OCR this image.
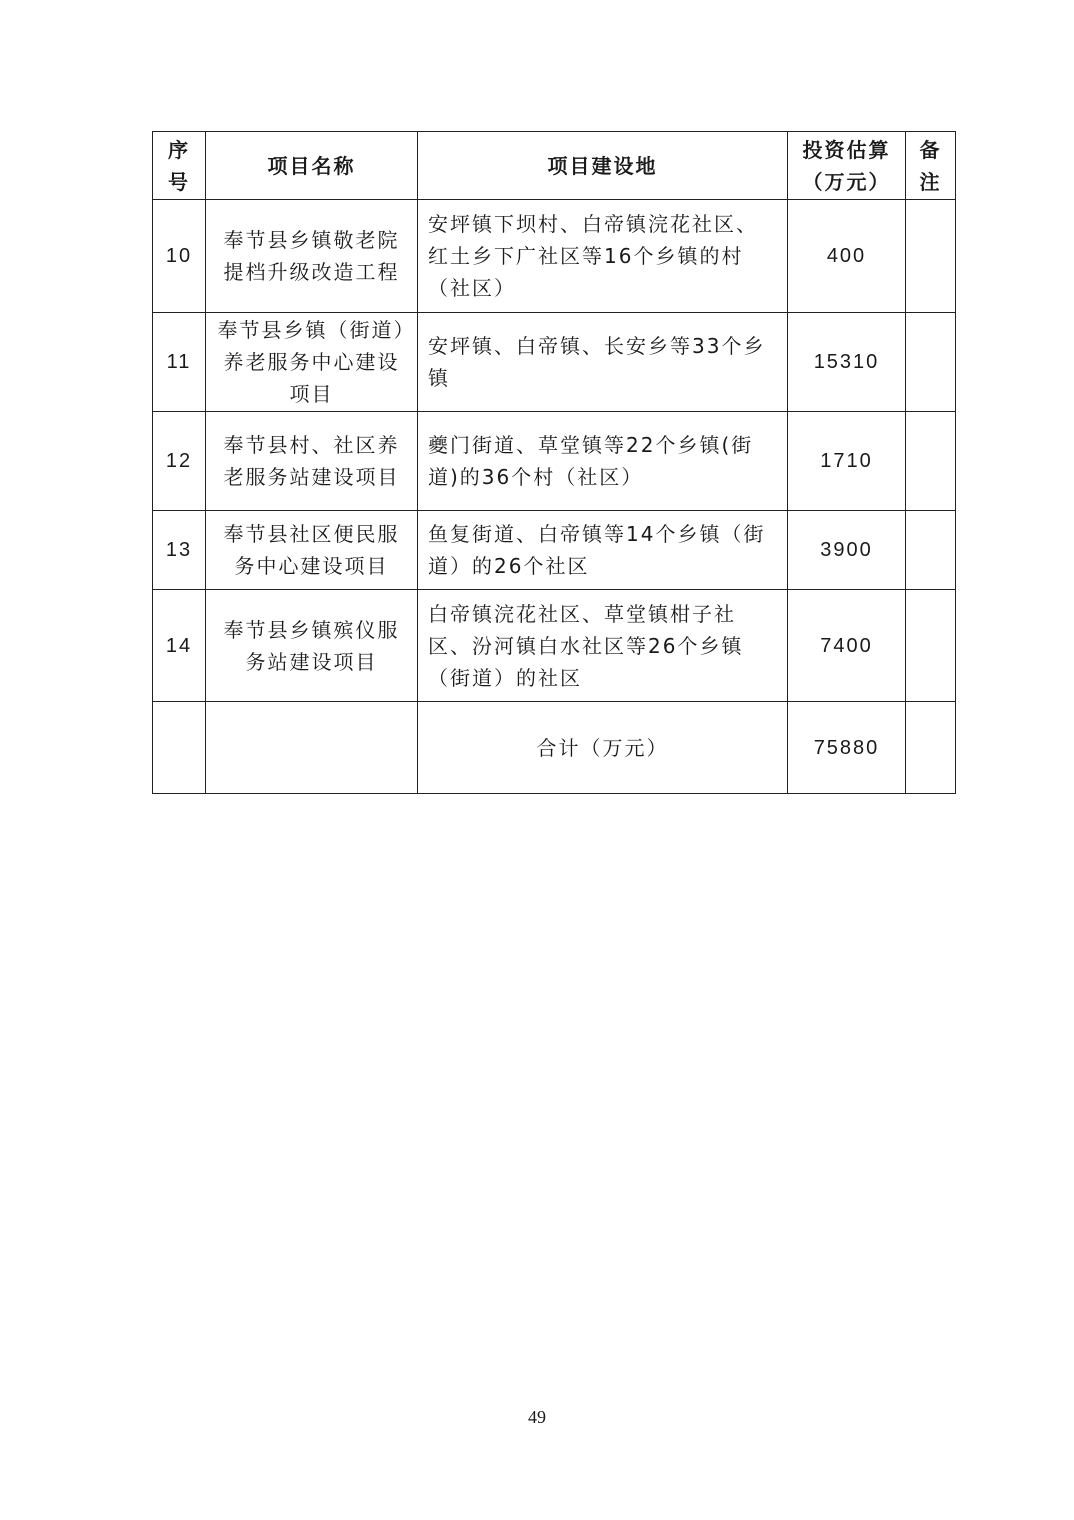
序号	项目名称	项目建设地	投资估算（万元）	备注
10	奉节县乡镇敬老院提档升级改造工程	安坪镇下坝村、白帝镇浣花社区、红土乡下广社区等16个乡镇的村（社区）	400	
11	奉节县乡镇（街道）养老服务中心建设项目	安坪镇、白帝镇、长安乡等33个乡镇	15310	
12	奉节县村、社区养老服务站建设项目	夔门街道、草堂镇等22个乡镇(街道)的36个村（社区）	1710	
13	奉节县社区便民服务中心建设项目	鱼复街道、白帝镇等14个乡镇（街道）的26个社区	3900	
14	奉节县乡镇殡仪服务站建设项目	白帝镇浣花社区、草堂镇柑子社区、汾河镇白水社区等26个乡镇（街道）的社区	7400	
		合计（万元）	75880	
49
